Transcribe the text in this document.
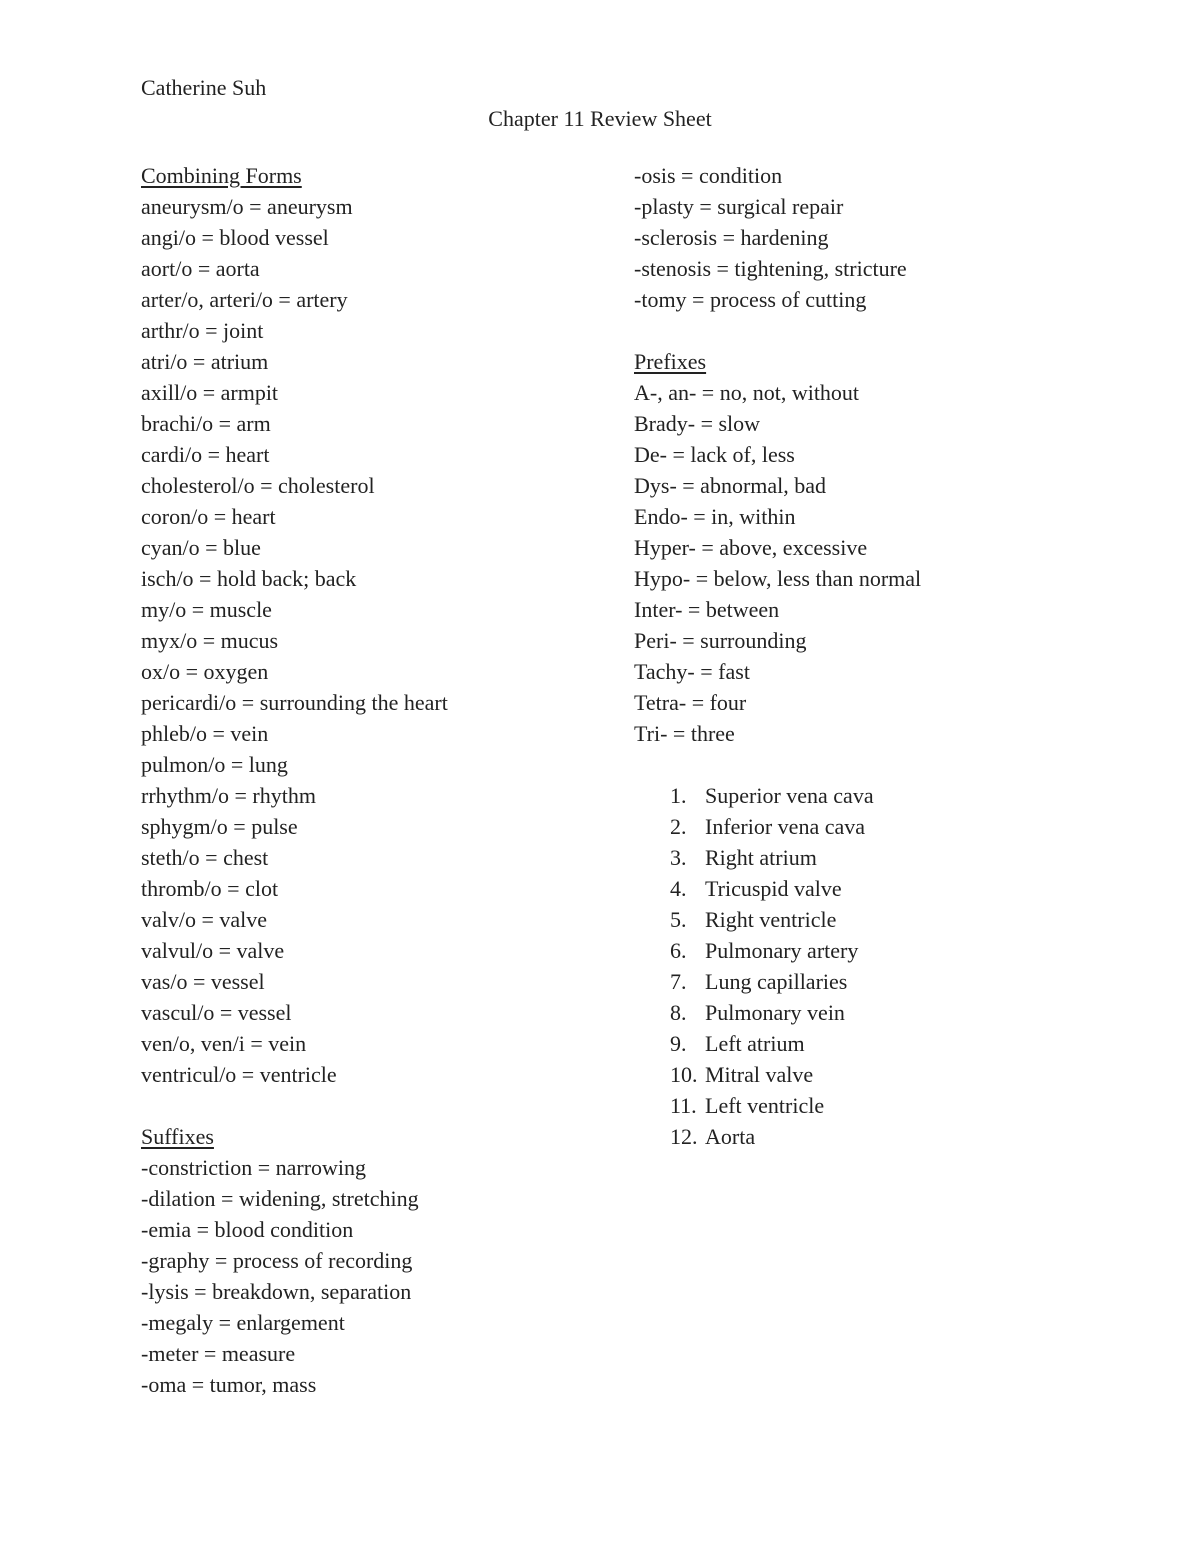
Catherine Suh
Chapter 11 Review Sheet
Combining Forms
aneurysm/o = aneurysm
angi/o = blood vessel
aort/o = aorta
arter/o, arteri/o = artery
arthr/o = joint
atri/o = atrium
axill/o = armpit
brachi/o = arm
cardi/o = heart
cholesterol/o = cholesterol
coron/o = heart
cyan/o = blue
isch/o = hold back; back
my/o = muscle
myx/o = mucus
ox/o = oxygen
pericardi/o = surrounding the heart
phleb/o = vein
pulmon/o = lung
rrhythm/o = rhythm
sphygm/o = pulse
steth/o = chest
thromb/o = clot
valv/o = valve
valvul/o = valve
vas/o = vessel
vascul/o = vessel
ven/o, ven/i = vein
ventricul/o = ventricle
Suffixes
-constriction = narrowing
-dilation = widening, stretching
-emia = blood condition
-graphy = process of recording
-lysis = breakdown, separation
-megaly = enlargement
-meter = measure
-oma = tumor, mass
-osis = condition
-plasty = surgical repair
-sclerosis = hardening
-stenosis = tightening, stricture
-tomy = process of cutting
Prefixes
A-, an- = no, not, without
Brady- = slow
De- = lack of, less
Dys- = abnormal, bad
Endo- = in, within
Hyper- = above, excessive
Hypo- = below, less than normal
Inter- = between
Peri- = surrounding
Tachy- = fast
Tetra- = four
Tri- = three
1. Superior vena cava
2. Inferior vena cava
3. Right atrium
4. Tricuspid valve
5. Right ventricle
6. Pulmonary artery
7. Lung capillaries
8. Pulmonary vein
9. Left atrium
10. Mitral valve
11. Left ventricle
12. Aorta
